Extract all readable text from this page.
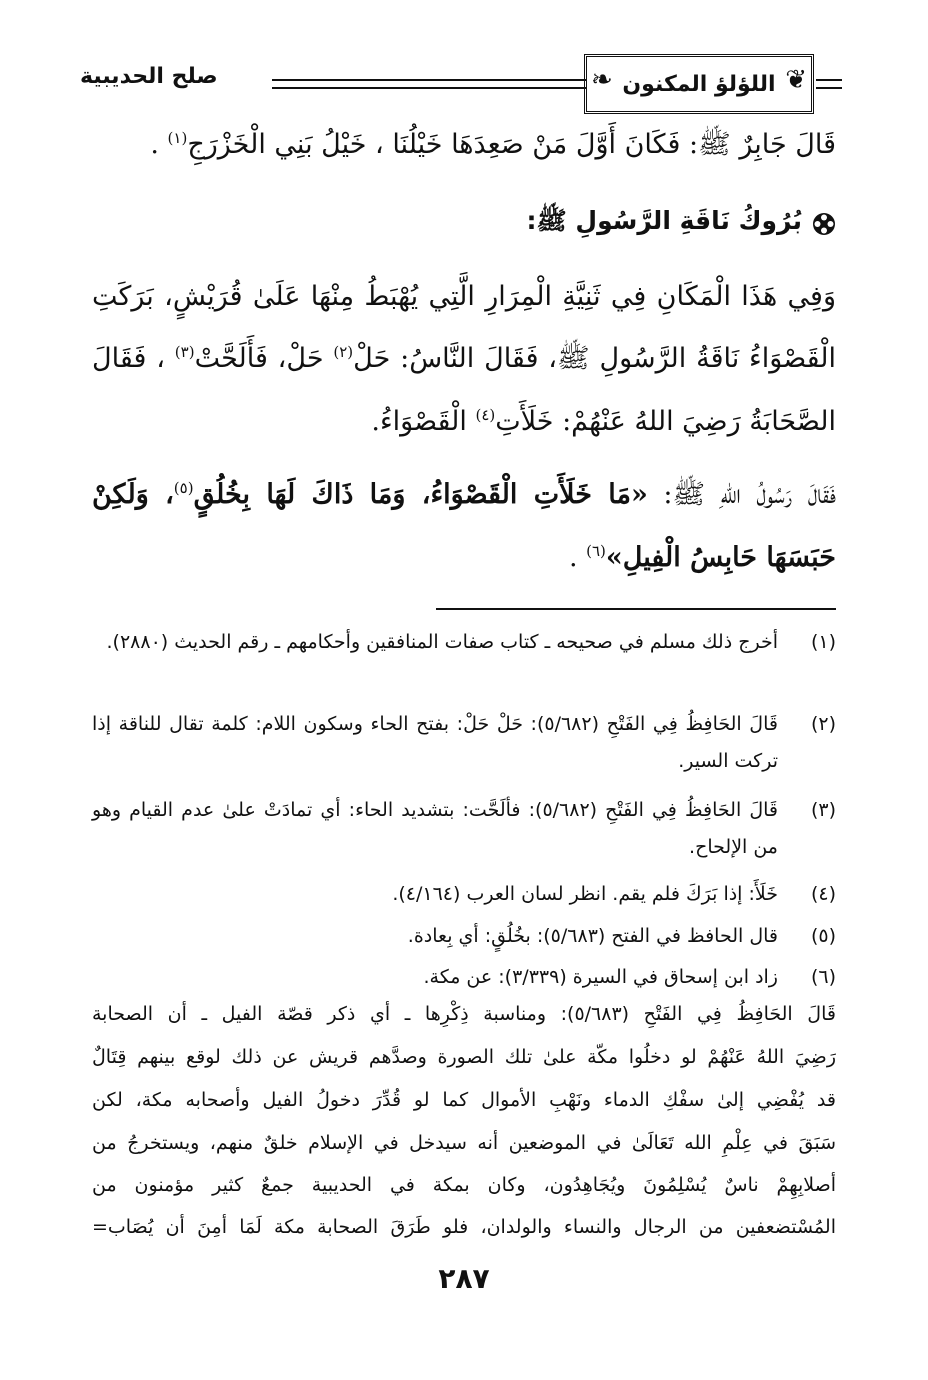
❦
اللؤلؤ المكنون
❧
صلح الحديبية
قَالَ جَابِرٌ ﷺ: فَكَانَ أَوَّلَ مَنْ صَعِدَهَا خَيْلُنَا ، خَيْلُ بَنِي الْخَزْرَجِ$^{(١)}$ .
بُرُوكُ نَاقَةِ الرَّسُولِ ﷺ:
وَفِي هَذَا الْمَكَانِ فِي ثَنِيَّةِ الْمِرَارِ الَّتِي يُهْبَطُ مِنْهَا عَلَىٰ قُرَيْشٍ، بَرَكَتِ
الْقَصْوَاءُ نَاقَةُ الرَّسُولِ ﷺ، فَقَالَ النَّاسُ: حَلْ$^{(٢)}$ حَلْ، فَأَلَحَّتْ$^{(٣)}$ ، فَقَالَ
الصَّحَابَةُ رَضِيَ اللهُ عَنْهُمْ: خَلَأَتِ$^{(٤)}$ الْقَصْوَاءُ.
فَقَالَ رَسُولُ اللهِ ﷺ: «مَا خَلَأَتِ الْقَصْوَاءُ، وَمَا ذَاكَ لَهَا بِخُلُقٍ$^{(٥)}$، وَلَكِنْ
حَبَسَهَا حَابِسُ الْفِيلِ»$^{(٦)}$ .
(١)
أخرج ذلك مسلم في صحيحه ـ كتاب صفات المنافقين وأحكامهم ـ رقم الحديث (٢٨٨٠).
(٢)
قَالَ الحَافِظُ فِي الفَتْحِ (٥/٦٨٢): حَلْ حَلْ: بفتح الحاء وسكون اللام: كلمة تقال للناقة إذا تركت السير.
(٣)
قَالَ الحَافِظُ فِي الفَتْحِ (٥/٦٨٢): فألَحَّت: بتشديد الحاء: أي تمادَتْ علىٰ عدم القيام وهو من الإلحاح.
(٤)
خَلَأَ: إذا بَرَكَ فلم يقم. انظر لسان العرب (٤/١٦٤).
(٥)
قال الحافظ في الفتح (٥/٦٨٣): بخُلُقٍ: أي بِعادة.
(٦)
زاد ابن إسحاق في السيرة (٣/٣٣٩): عن مكة.
قَالَ الحَافِظُ فِي الفَتْحِ (٥/٦٨٣): ومناسبة ذِكْرِها ـ أي ذكر قصّة الفيل ـ أن الصحابة
رَضِيَ اللهُ عَنْهُمْ لو دخلُوا مكّة علىٰ تلك الصورة وصدَّهم قريش عن ذلك لوقع بينهم قِتَالٌ
قد يُفْضِي إلىٰ سفْكِ الدماء ونَهْبِ الأموال كما لو قُدِّرَ دخولُ الفيل وأصحابه مكة، لكن
سَبَقَ في عِلْمِ الله تَعَالَىٰ في الموضعين أنه سيدخل في الإسلام خلقٌ منهم، ويستخرجُ من
أصلابِهِمْ ناسٌ يُسْلِمُونَ ويُجَاهِدُون، وكان بمكة في الحديبية جمعٌ كثير مؤمنون من
المُسْتضعفين من الرجال والنساء والولدان، فلو طَرَقَ الصحابة مكة لَمَا أمِنَ أن يُصَاب=
٢٨٧
